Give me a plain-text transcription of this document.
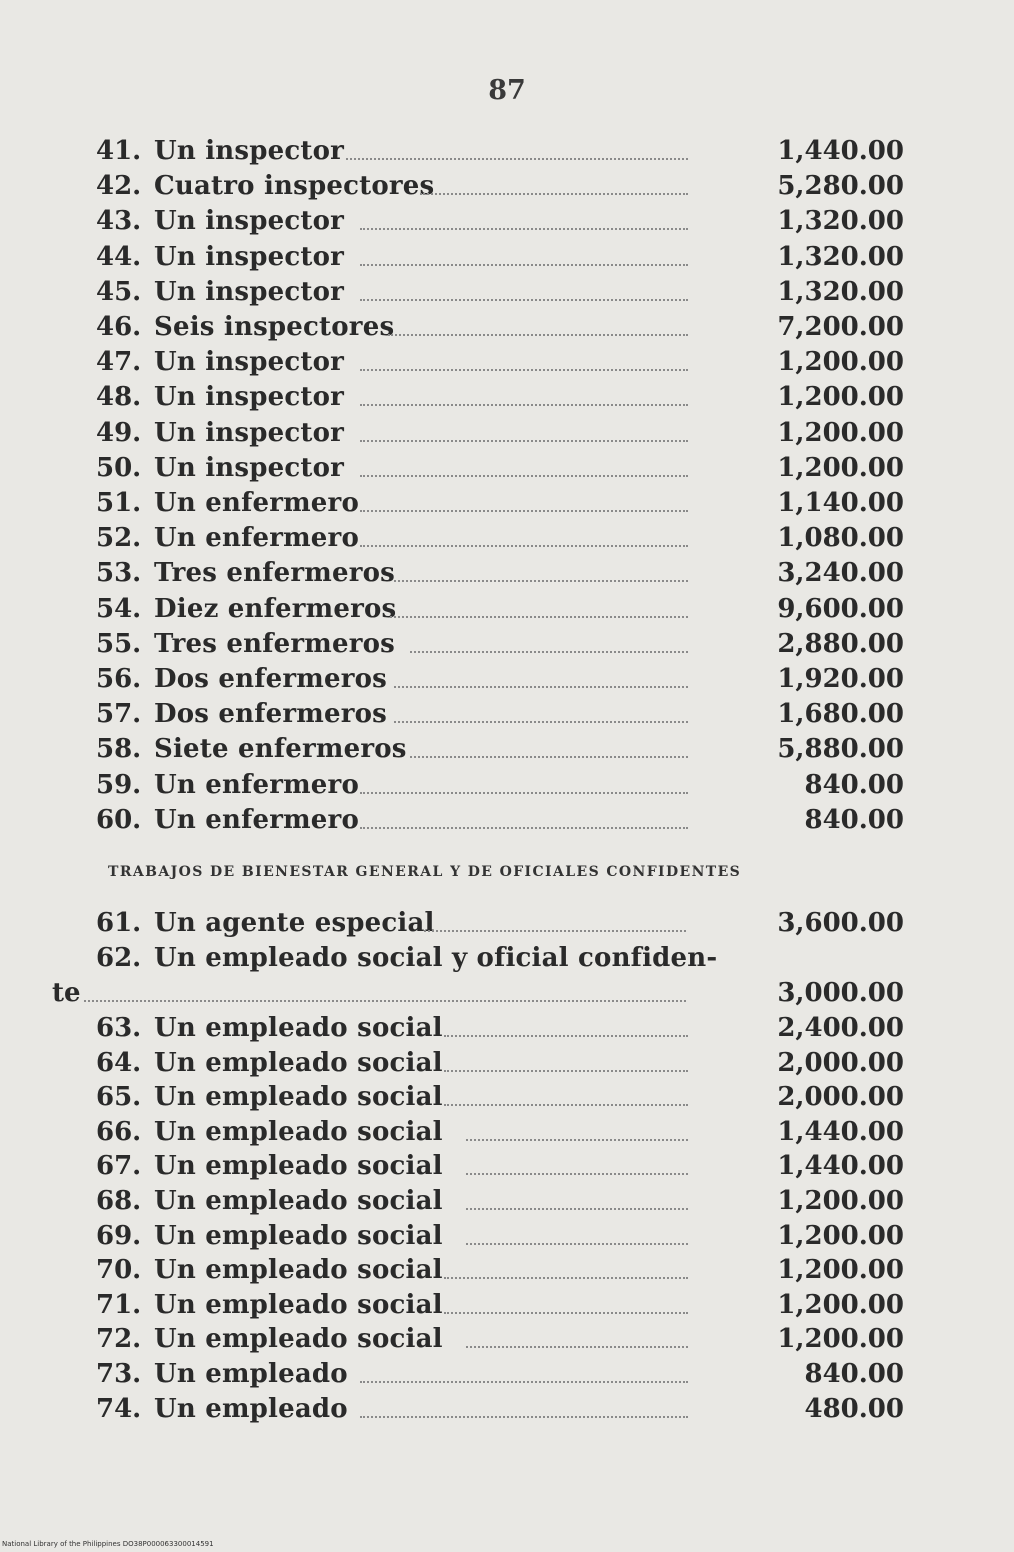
87
41. Un inspector	1,440.00
42. Cuatro inspectores	5,280.00
43. Un inspector	1,320.00
44. Un inspector	1,320.00
45. Un inspector	1,320.00
46. Seis inspectores	7,200.00
47. Un inspector	1,200.00
48. Un inspector	1,200.00
49. Un inspector	1,200.00
50. Un inspector	1,200.00
51. Un enfermero	1,140.00
52. Un enfermero	1,080.00
53. Tres enfermeros	3,240.00
54. Diez enfermeros	9,600.00
55. Tres enfermeros	2,880.00
56. Dos enfermeros	1,920.00
57. Dos enfermeros	1,680.00
58. Siete enfermeros	5,880.00
59. Un enfermero	840.00
60. Un enfermero	840.00
TRABAJOS DE BIENESTAR GENERAL Y DE OFICIALES CONFIDENTES
61. Un agente especial	3,600.00
62. Un empleado social y oficial confiden-
te	3,000.00
63. Un empleado social	2,400.00
64. Un empleado social	2,000.00
65. Un empleado social	2,000.00
66. Un empleado social	1,440.00
67. Un empleado social	1,440.00
68. Un empleado social	1,200.00
69. Un empleado social	1,200.00
70. Un empleado social	1,200.00
71. Un empleado social	1,200.00
72. Un empleado social	1,200.00
73. Un empleado	840.00
74. Un empleado	480.00
National Library of the Philippines DO38P000063300014591
